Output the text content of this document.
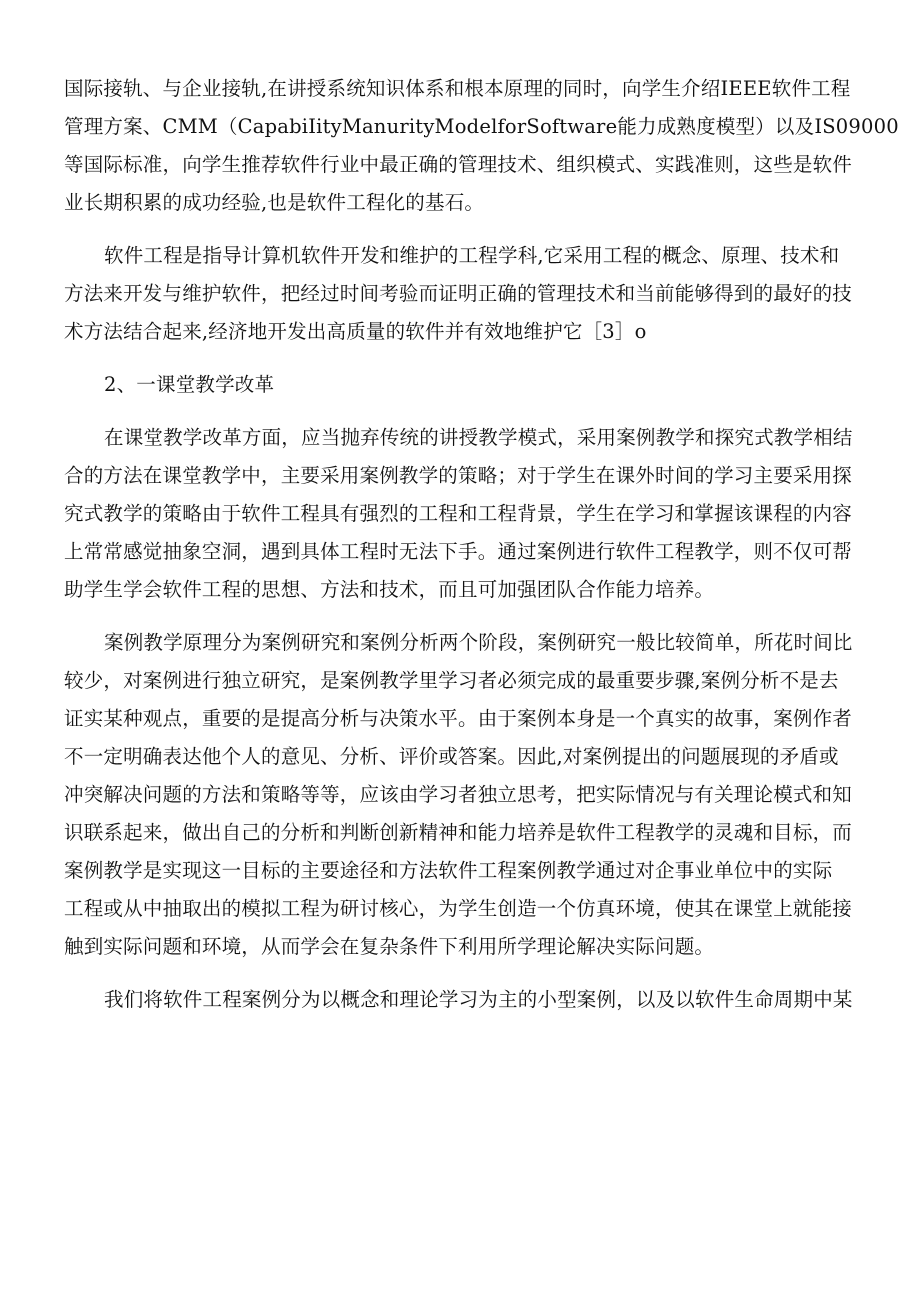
国际接轨、与企业接轨,在讲授系统知识体系和根本原理的同时，向学生介绍IEEE软件工程
管理方案、CMM（CapabiIityManurityModelforSoftware能力成熟度模型）以及IS09000
等国际标准，向学生推荐软件行业中最正确的管理技术、组织模式、实践准则，这些是软件
业长期积累的成功经验,也是软件工程化的基石。
软件工程是指导计算机软件开发和维护的工程学科,它采用工程的概念、原理、技术和
方法来开发与维护软件，把经过时间考验而证明正确的管理技术和当前能够得到的最好的技
术方法结合起来,经济地开发出高质量的软件并有效地维护它［3］o
2、一课堂教学改革
在课堂教学改革方面，应当抛弃传统的讲授教学模式，采用案例教学和探究式教学相结
合的方法在课堂教学中，主要采用案例教学的策略；对于学生在课外时间的学习主要采用探
究式教学的策略由于软件工程具有强烈的工程和工程背景，学生在学习和掌握该课程的内容
上常常感觉抽象空洞，遇到具体工程时无法下手。通过案例进行软件工程教学，则不仅可帮
助学生学会软件工程的思想、方法和技术，而且可加强团队合作能力培养。
案例教学原理分为案例研究和案例分析两个阶段，案例研究一般比较简单，所花时间比
较少，对案例进行独立研究，是案例教学里学习者必须完成的最重要步骤,案例分析不是去
证实某种观点，重要的是提高分析与决策水平。由于案例本身是一个真实的故事，案例作者
不一定明确表达他个人的意见、分析、评价或答案。因此,对案例提出的问题展现的矛盾或
冲突解决问题的方法和策略等等，应该由学习者独立思考，把实际情况与有关理论模式和知
识联系起来，做出自己的分析和判断创新精神和能力培养是软件工程教学的灵魂和目标，而
案例教学是实现这一目标的主要途径和方法软件工程案例教学通过对企事业单位中的实际
工程或从中抽取出的模拟工程为研讨核心，为学生创造一个仿真环境，使其在课堂上就能接
触到实际问题和环境，从而学会在复杂条件下利用所学理论解决实际问题。
我们将软件工程案例分为以概念和理论学习为主的小型案例，以及以软件生命周期中某
